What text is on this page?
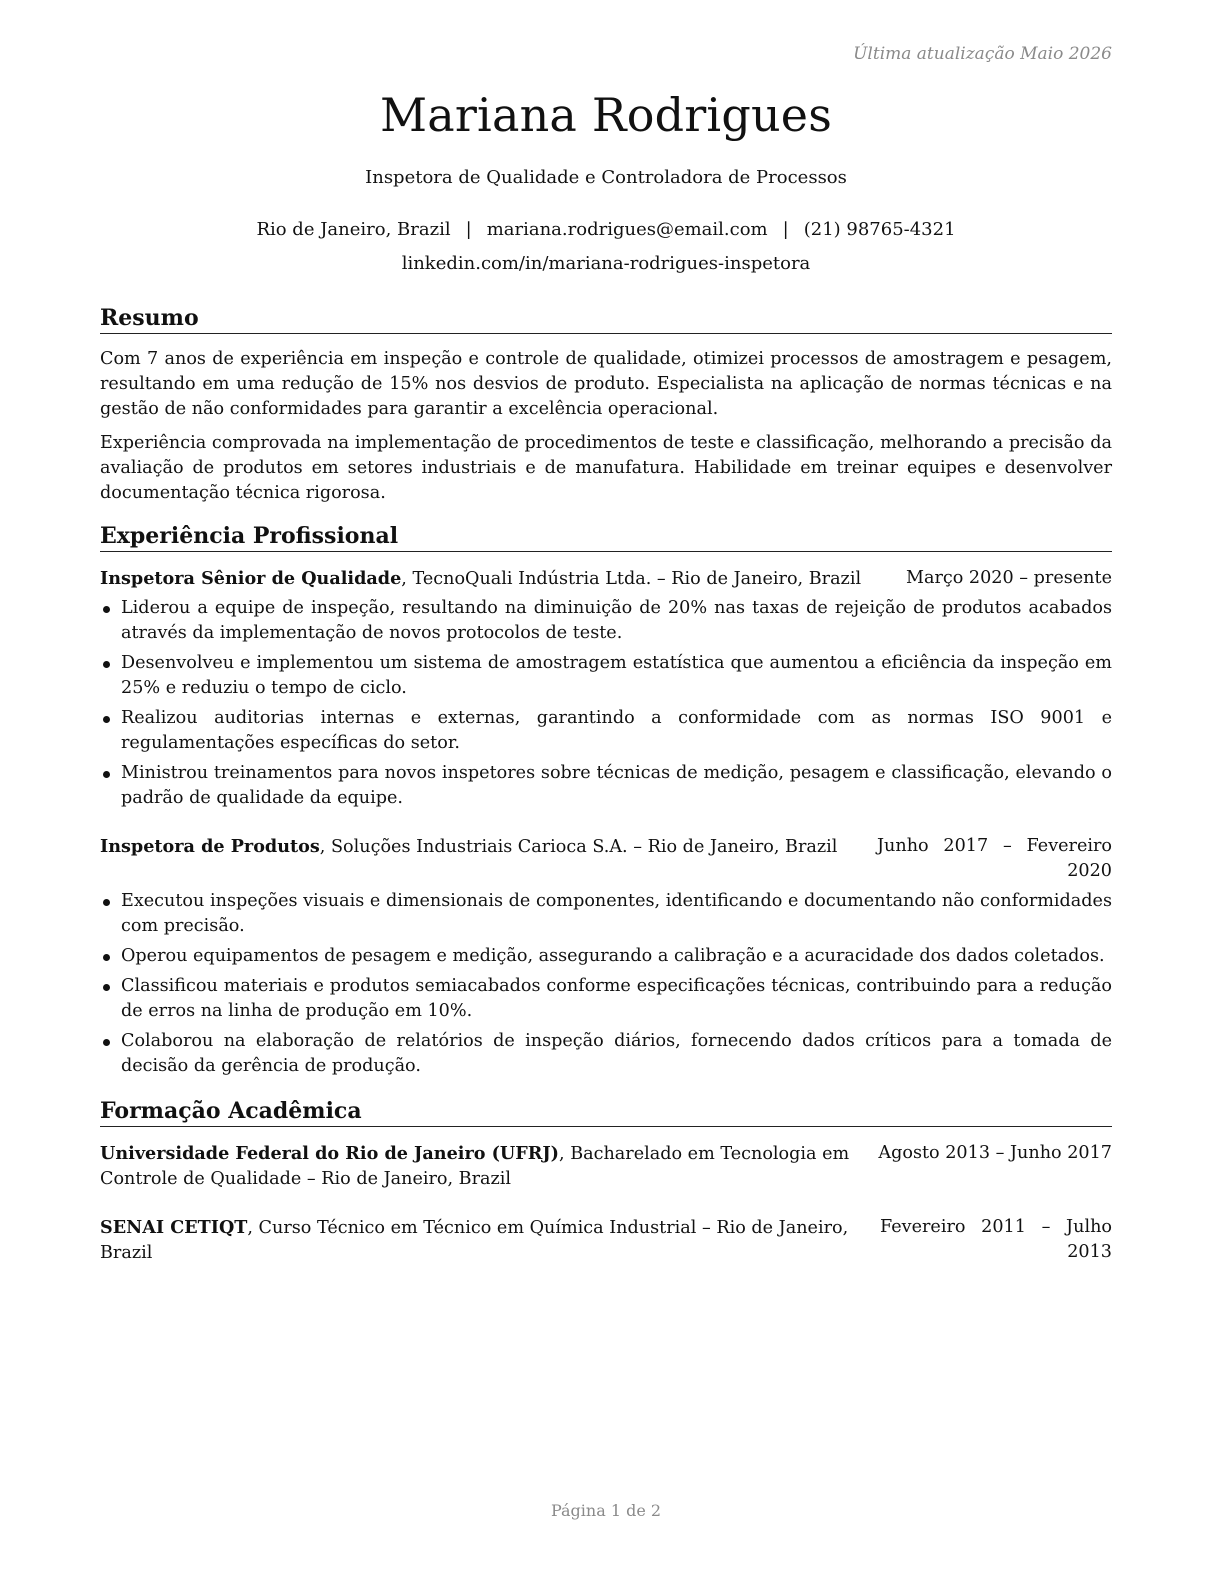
Última atualização Maio 2026
Mariana Rodrigues
Inspetora de Qualidade e Controladora de Processos
Rio de Janeiro, Brazil | mariana.rodrigues@email.com | (21) 98765-4321
linkedin.com/in/mariana-rodrigues-inspetora
Resumo
Com 7 anos de experiência em inspeção e controle de qualidade, otimizei processos de amostragem e pesagem, resultando em uma redução de 15% nos desvios de produto. Especialista na aplicação de normas técnicas e na gestão de não conformidades para garantir a excelência operacional.
Experiência comprovada na implementação de procedimentos de teste e classificação, melhorando a precisão da avaliação de produtos em setores industriais e de manufatura. Habilidade em treinar equipes e desenvolver documentação técnica rigorosa.
Experiência Profissional
Inspetora Sênior de Qualidade, TecnoQuali Indústria Ltda. – Rio de Janeiro, Brazil	Março 2020 – presente
Liderou a equipe de inspeção, resultando na diminuição de 20% nas taxas de rejeição de produtos acabados através da implementação de novos protocolos de teste.
Desenvolveu e implementou um sistema de amostragem estatística que aumentou a eficiência da inspeção em 25% e reduziu o tempo de ciclo.
Realizou auditorias internas e externas, garantindo a conformidade com as normas ISO 9001 e regulamentações específicas do setor.
Ministrou treinamentos para novos inspetores sobre técnicas de medição, pesagem e classificação, elevando o padrão de qualidade da equipe.
Inspetora de Produtos, Soluções Industriais Carioca S.A. – Rio de Janeiro, Brazil Junho 2017 – Fevereiro 2020
Executou inspeções visuais e dimensionais de componentes, identificando e documentando não conformidades com precisão.
Operou equipamentos de pesagem e medição, assegurando a calibração e a acuracidade dos dados coletados.
Classificou materiais e produtos semiacabados conforme especificações técnicas, contribuindo para a redução de erros na linha de produção em 10%.
Colaborou na elaboração de relatórios de inspeção diários, fornecendo dados críticos para a tomada de decisão da gerência de produção.
Formação Acadêmica
Universidade Federal do Rio de Janeiro (UFRJ), Bacharelado em Tecnologia em Controle de Qualidade – Rio de Janeiro, Brazil
Agosto 2013 – Junho 2017
SENAI CETIQT, Curso Técnico em Técnico em Química Industrial – Rio de Janeiro, Brazil
Fevereiro 2011 – Julho 2013
Página 1 de 2
